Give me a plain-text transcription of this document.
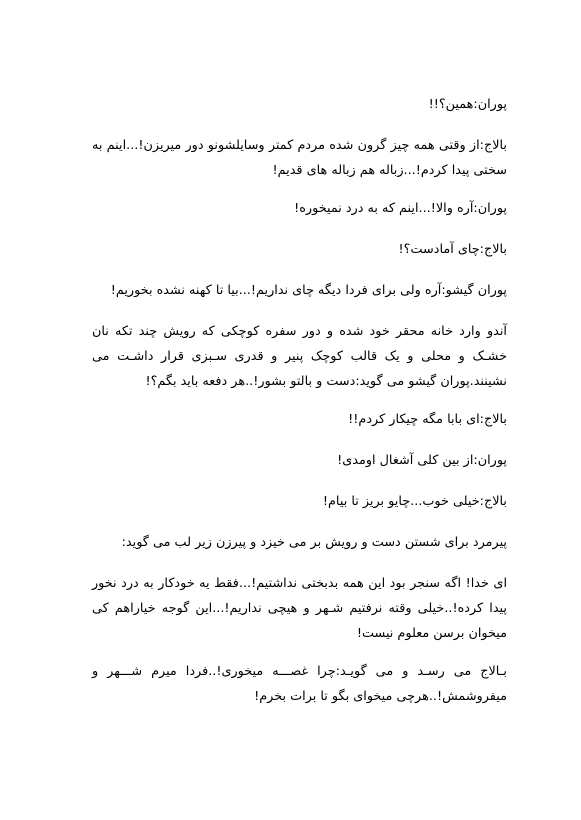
پوران:همین؟!!

بالاج:از وقتی همه چیز گرون شده مردم کمتر وسایلشونو دور میریزن!...اینم به سختی پیدا کردم!...زباله هم زباله های قدیم!

پوران:آره والا!...اینم که به درد نمیخوره!

بالاج:چای آمادست؟!

پوران گیشو:آره ولی برای فردا دیگه چای نداریم!...بیا تا کهنه نشده بخوریم!

آندو وارد خانه محقر خود شده و دور سفره کوچکی که رویش چند تکه نان خشـک و محلی و یک قالب کوچک پنیر و قدری سـبزی قرار داشـت می نشینند.پوران گیشو می گوید:دست و بالتو بشور!..هر دفعه باید بگم؟!

بالاج:ای بابا مگه چیکار کردم!!

پوران:از بین کلی آشغال اومدی!

بالاج:خیلی خوب...چایو بریز تا بیام!

پیرمرد برای شستن دست و رویش بر می خیزد و پیرزن زیر لب می گوید:

ای خدا! اگه سنجر بود این همه بدبختی نداشتیم!...فقط یه خودکار به درد نخور پیدا کرده!..خیلی وقته نرفتیم شـهر و هیچی نداریم!...این گوجه خیاراهم کی میخوان برسن معلوم نیست!

بـالاج می رسـد و می گویـد:چرا غصـــه میخوری!..فردا میرم شـــهر و میفروشمش!..هرچی میخوای بگو تا برات بخرم!
